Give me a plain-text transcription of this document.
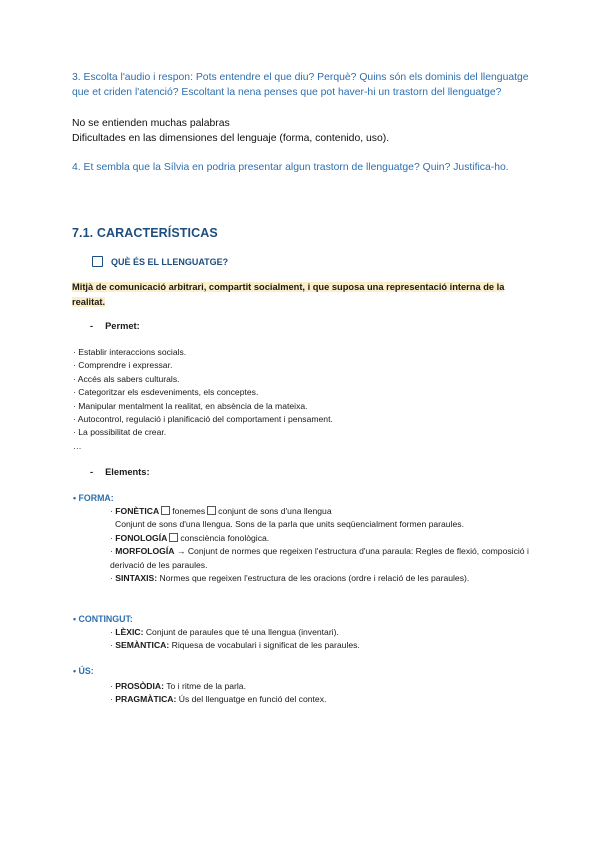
3. Escolta l'audio i respon: Pots entendre el que diu? Perquè? Quins són els dominis del llenguatge que et criden l'atenció? Escoltant la nena penses que pot haver-hi un trastorn del llenguatge?
No se entienden muchas palabras
Dificultades en las dimensiones del lenguaje (forma, contenido, uso).
4. Et sembla que la Sílvia en podria presentar algun trastorn de llenguatge? Quin? Justifica-ho.
7.1. CARACTERÍSTICAS
QUÈ ÉS EL LLENGUATGE?
Mitjà de comunicació arbitrari, compartit socialment, i que suposa una representació interna de la realitat.
- Permet:
· Establir interaccions socials.
· Comprendre i expressar.
· Accés als sabers culturals.
· Categoritzar els esdeveniments, els conceptes.
· Manipular mentalment la realitat, en absència de la mateixa.
· Autocontrol, regulació i planificació del comportament i pensament.
· La possibilitat de crear.
…
- Elements:
• FORMA:
· FONÈTICA fonemes conjunt de sons d'una llengua
Conjunt de sons d'una llengua. Sons de la parla que units seqüencialment formen paraules.
· FONOLOGÍA consciència fonològica.
· MORFOLOGÍA → Conjunt de normes que regeixen l'estructura d'una paraula: Regles de flexió, composició i derivació de les paraules.
· SINTAXIS: Normes que regeixen l'estructura de les oracions (ordre i relació de les paraules).
• CONTINGUT:
· LÈXIC: Conjunt de paraules que té una llengua (inventari).
· SEMÀNTICA: Riquesa de vocabulari i significat de les paraules.
• ÚS:
· PROSÒDIA: To i ritme de la parla.
· PRAGMÀTICA: Ús del llenguatge en funció del contex.
